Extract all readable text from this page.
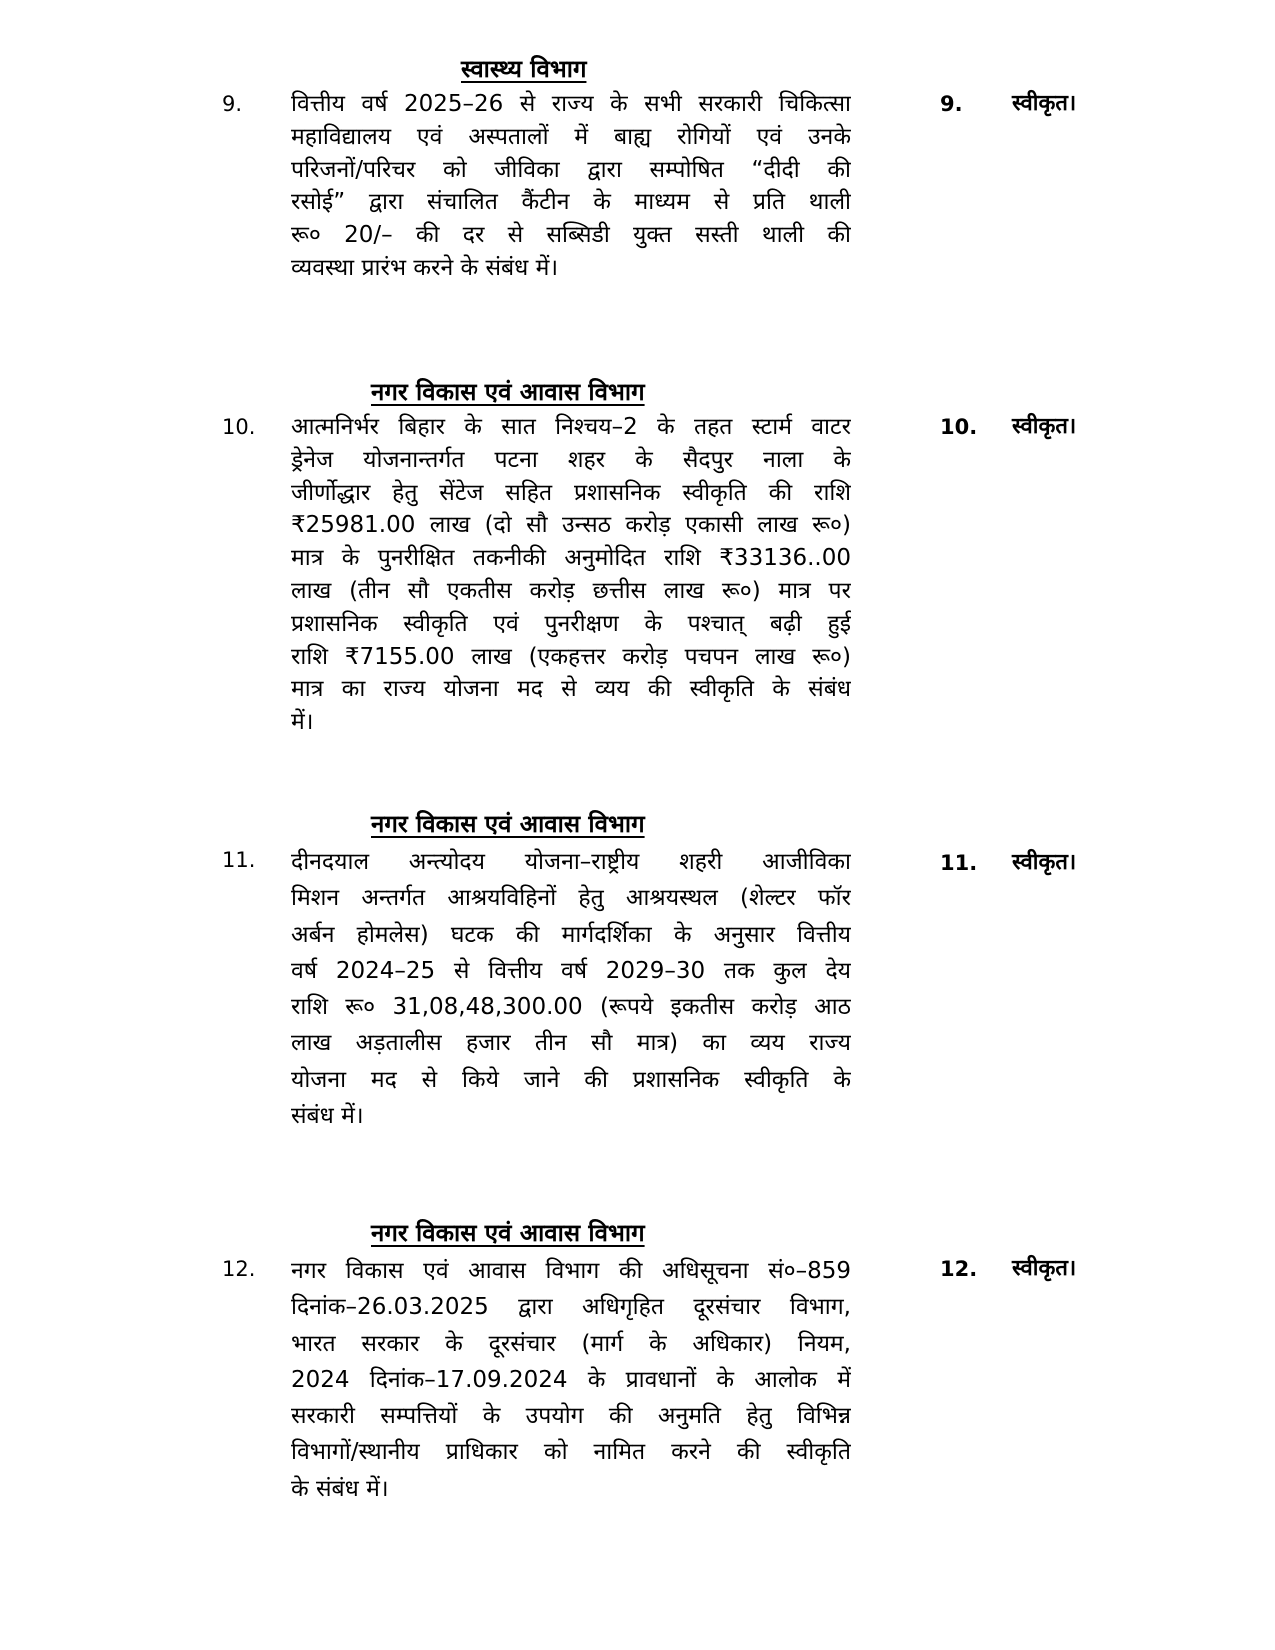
स्वास्थ्य विभाग
9. वित्तीय वर्ष 2025–26 से राज्य के सभी सरकारी चिकित्सा
महाविद्यालय एवं अस्पतालों में बाह्य रोगियों एवं उनके
परिजनों/परिचर को जीविका द्वारा सम्पोषित “दीदी की
रसोई” द्वारा संचालित कैंटीन के माध्यम से प्रति थाली
रू० 20/– की दर से सब्सिडी युक्त सस्ती थाली की
व्यवस्था प्रारंभ करने के संबंध में।
9. स्वीकृत।
नगर विकास एवं आवास विभाग
10. आत्मनिर्भर बिहार के सात निश्चय–2 के तहत स्टार्म वाटर
ड्रेनेज योजनान्तर्गत पटना शहर के सैदपुर नाला के
जीर्णोद्धार हेतु सेंटेज सहित प्रशासनिक स्वीकृति की राशि
₹25981.00 लाख (दो सौ उन्सठ करोड़ एकासी लाख रू०)
मात्र के पुनरीक्षित तकनीकी अनुमोदित राशि ₹33136..00
लाख (तीन सौ एकतीस करोड़ छत्तीस लाख रू०) मात्र पर
प्रशासनिक स्वीकृति एवं पुनरीक्षण के पश्चात् बढ़ी हुई
राशि ₹7155.00 लाख (एकहत्तर करोड़ पचपन लाख रू०)
मात्र का राज्य योजना मद से व्यय की स्वीकृति के संबंध
में।
10. स्वीकृत।
नगर विकास एवं आवास विभाग
11. दीनदयाल अन्त्योदय योजना–राष्ट्रीय शहरी आजीविका
मिशन अन्तर्गत आश्रयविहिनों हेतु आश्रयस्थल (शेल्टर फॉर
अर्बन होमलेस) घटक की मार्गदर्शिका के अनुसार वित्तीय
वर्ष 2024–25 से वित्तीय वर्ष 2029–30 तक कुल देय
राशि रू० 31,08,48,300.00 (रूपये इकतीस करोड़ आठ
लाख अड़तालीस हजार तीन सौ मात्र) का व्यय राज्य
योजना मद से किये जाने की प्रशासनिक स्वीकृति के
संबंध में।
11. स्वीकृत।
नगर विकास एवं आवास विभाग
12. नगर विकास एवं आवास विभाग की अधिसूचना सं०–859
दिनांक–26.03.2025 द्वारा अधिगृहित दूरसंचार विभाग,
भारत सरकार के दूरसंचार (मार्ग के अधिकार) नियम,
2024 दिनांक–17.09.2024 के प्रावधानों के आलोक में
सरकारी सम्पत्तियों के उपयोग की अनुमति हेतु विभिन्न
विभागों/स्थानीय प्राधिकार को नामित करने की स्वीकृति
के संबंध में।
12. स्वीकृत।
